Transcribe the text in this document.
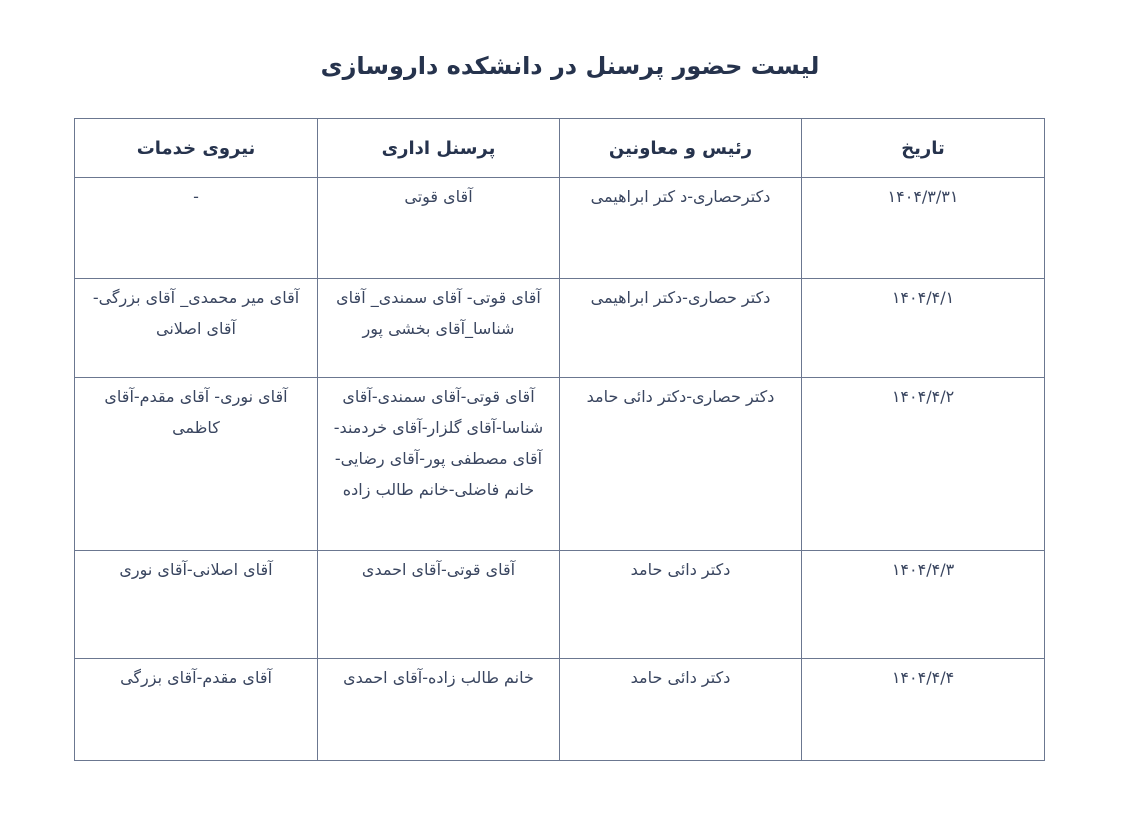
لیست حضور پرسنل در دانشکده داروسازی
تاریخ	رئیس و معاونین	پرسنل اداری	نیروی خدمات
۱۴۰۴/۳/۳۱	دکترحصاری-د کتر ابراهیمی	آقای قوتی	-
۱۴۰۴/۴/۱	دکتر حصاری-دکتر ابراهیمی	آقای قوتی- آقای سمندی_ آقای شناسا_آقای بخشی پور	آقای میر محمدی_ آقای بزرگی-آقای اصلانی
۱۴۰۴/۴/۲	دکتر حصاری-دکتر دائی حامد	آقای قوتی-آقای سمندی-آقای شناسا-آقای گلزار-آقای خردمند-آقای مصطفی پور-آقای رضایی-خانم فاضلی-خانم طالب زاده	آقای نوری- آقای مقدم-آقای کاظمی
۱۴۰۴/۴/۳	دکتر دائی حامد	آقای قوتی-آقای احمدی	آقای اصلانی-آقای نوری
۱۴۰۴/۴/۴	دکتر دائی حامد	خانم طالب زاده-آقای احمدی	آقای مقدم-آقای بزرگی
